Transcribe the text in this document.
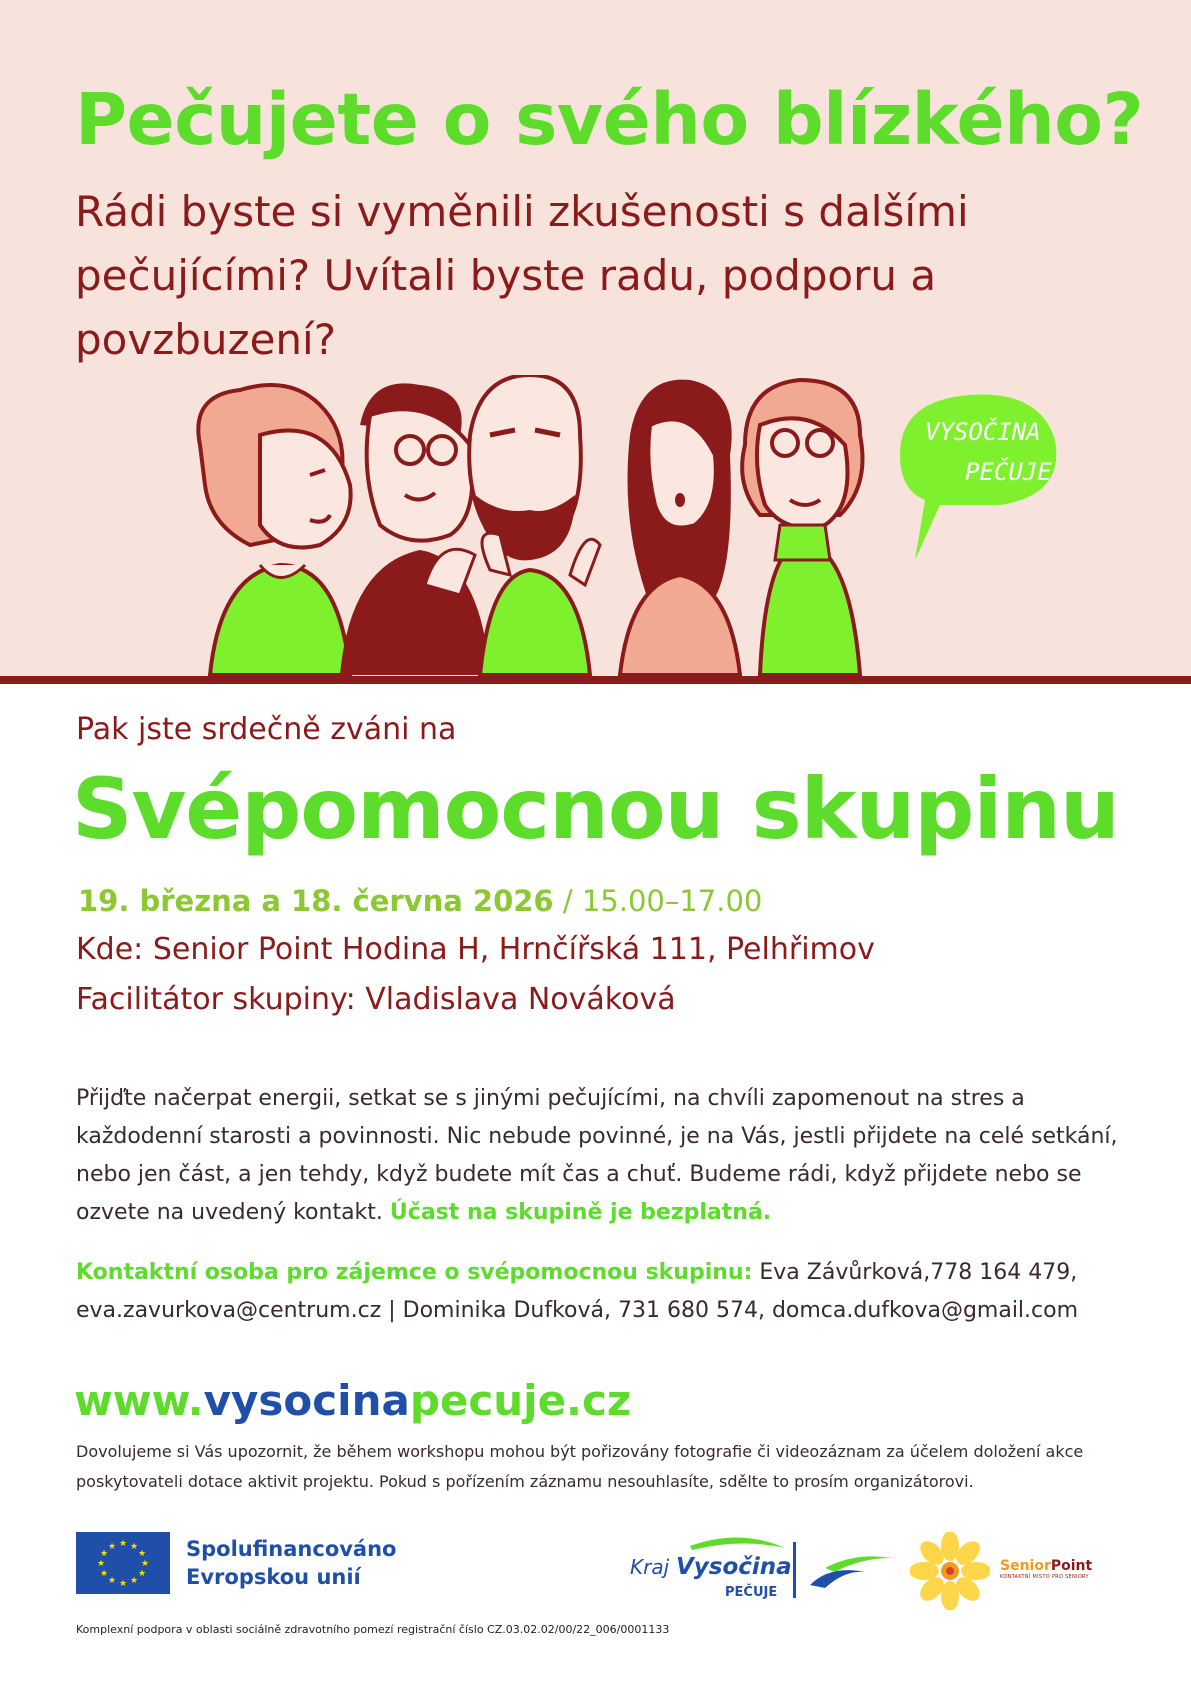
Pečujete o svého blízkého?
Rádi byste si vyměnili zkušenosti s dalšími pečujícími? Uvítali byste radu, podporu a povzbuzení?
VYSOČINA
PEČUJE
Pak jste srdečně zváni na
Svépomocnou skupinu
19. března a 18. června 2026 / 15.00–17.00
Kde: Senior Point Hodina H, Hrnčířská 111, Pelhřimov
Facilitátor skupiny: Vladislava Nováková
Přijďte načerpat energii, setkat se s jinými pečujícími, na chvíli zapomenout na stres a každodenní starosti a povinnosti. Nic nebude povinné, je na Vás, jestli přijdete na celé setkání, nebo jen část, a jen tehdy, když budete mít čas a chuť. Budeme rádi, když přijdete nebo se ozvete na uvedený kontakt. Účast na skupině je bezplatná.
Kontaktní osoba pro zájemce o svépomocnou skupinu: Eva Závůrková,778 164 479, eva.zavurkova@centrum.cz | Dominika Dufková, 731 680 574, domca.dufkova@gmail.com
www.vysocinapecuje.cz
Dovolujeme si Vás upozornit, že během workshopu mohou být pořizovány fotografie či videozáznam za účelem doložení akce poskytovateli dotace aktivit projektu. Pokud s pořízením záznamu nesouhlasíte, sdělte to prosím organizátorovi.
★ ★
★
★
★
★
★
★
★
★
★
★	Spolufinancováno
Evropskou unií	Kraj Vysočina
PEČUJE
SeniorPoint
KONTAKTNÍ MÍSTO PRO SENIORY
Komplexní podpora v oblasti sociálně zdravotního pomezí registrační číslo CZ.03.02.02/00/22_006/0001133
